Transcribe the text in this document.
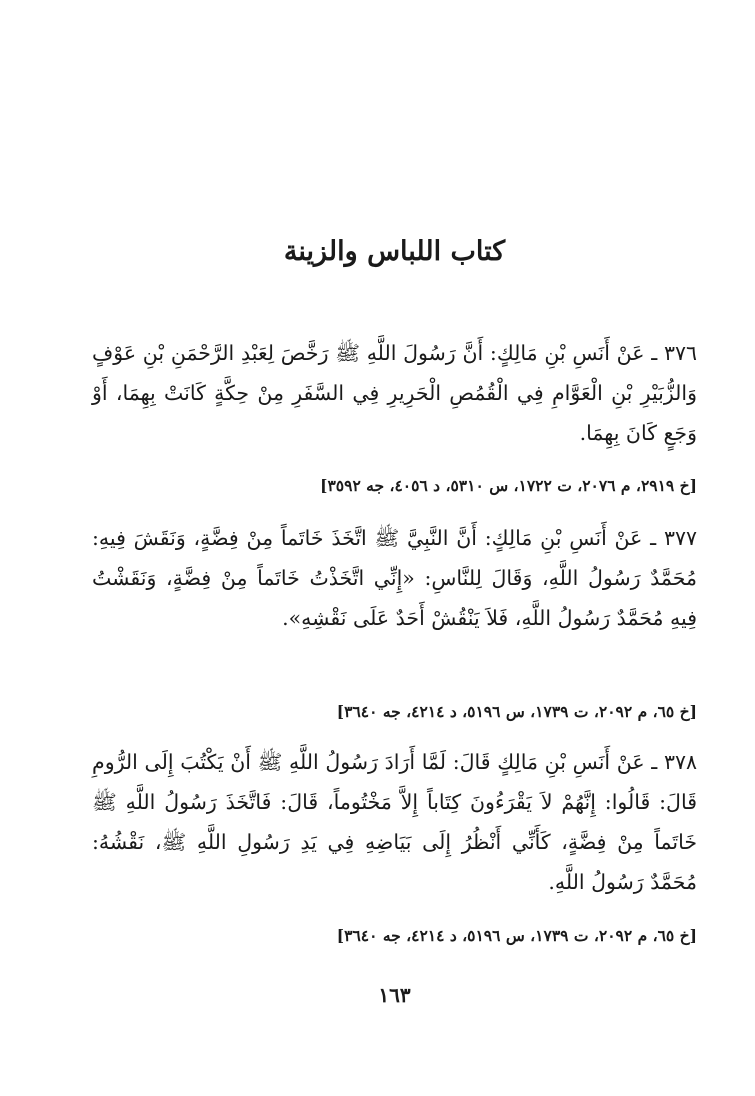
كتاب اللباس والزينة

٣٧٦ ـ عَنْ أَنَسِ بْنِ مَالِكٍ: أَنَّ رَسُولَ اللَّهِ ﷺ رَخَّصَ لِعَبْدِ الرَّحْمَنِ بْنِ عَوْفٍ وَالزُّبَيْرِ بْنِ الْعَوَّامِ فِي الْقُمُصِ الْحَرِيرِ فِي السَّفَرِ مِنْ حِكَّةٍ كَانَتْ بِهِمَا، أَوْ وَجَعٍ كَانَ بِهِمَا.

[خ ٢٩١٩، م ٢٠٧٦، ت ١٧٢٢، س ٥٣١٠، د ٤٠٥٦، جه ٣٥٩٢]

٣٧٧ ـ عَنْ أَنَسِ بْنِ مَالِكٍ: أَنَّ النَّبِيَّ ﷺ اتَّخَذَ خَاتَماً مِنْ فِضَّةٍ، وَنَقَشَ فِيهِ: مُحَمَّدٌ رَسُولُ اللَّهِ، وَقَالَ لِلنَّاسِ: «إِنِّي اتَّخَذْتُ خَاتَماً مِنْ فِضَّةٍ، وَنَقَشْتُ فِيهِ مُحَمَّدٌ رَسُولُ اللَّهِ، فَلاَ يَنْقُشْ أَحَدٌ عَلَى نَقْشِهِ».

[خ ٦٥، م ٢٠٩٢، ت ١٧٣٩، س ٥١٩٦، د ٤٢١٤، جه ٣٦٤٠]

٣٧٨ ـ عَنْ أَنَسِ بْنِ مَالِكٍ قَالَ: لَمَّا أَرَادَ رَسُولُ اللَّهِ ﷺ أَنْ يَكْتُبَ إِلَى الرُّومِ قَالَ: قَالُوا: إِنَّهُمْ لاَ يَقْرَءُونَ كِتَاباً إِلاَّ مَخْتُوماً، قَالَ: فَاتَّخَذَ رَسُولُ اللَّهِ ﷺ خَاتَماً مِنْ فِضَّةٍ، كَأَنِّي أَنْظُرُ إِلَى بَيَاضِهِ فِي يَدِ رَسُولِ اللَّهِ ﷺ، نَقْشُهُ: مُحَمَّدٌ رَسُولُ اللَّهِ.

[خ ٦٥، م ٢٠٩٢، ت ١٧٣٩، س ٥١٩٦، د ٤٢١٤، جه ٣٦٤٠]

١٦٣
